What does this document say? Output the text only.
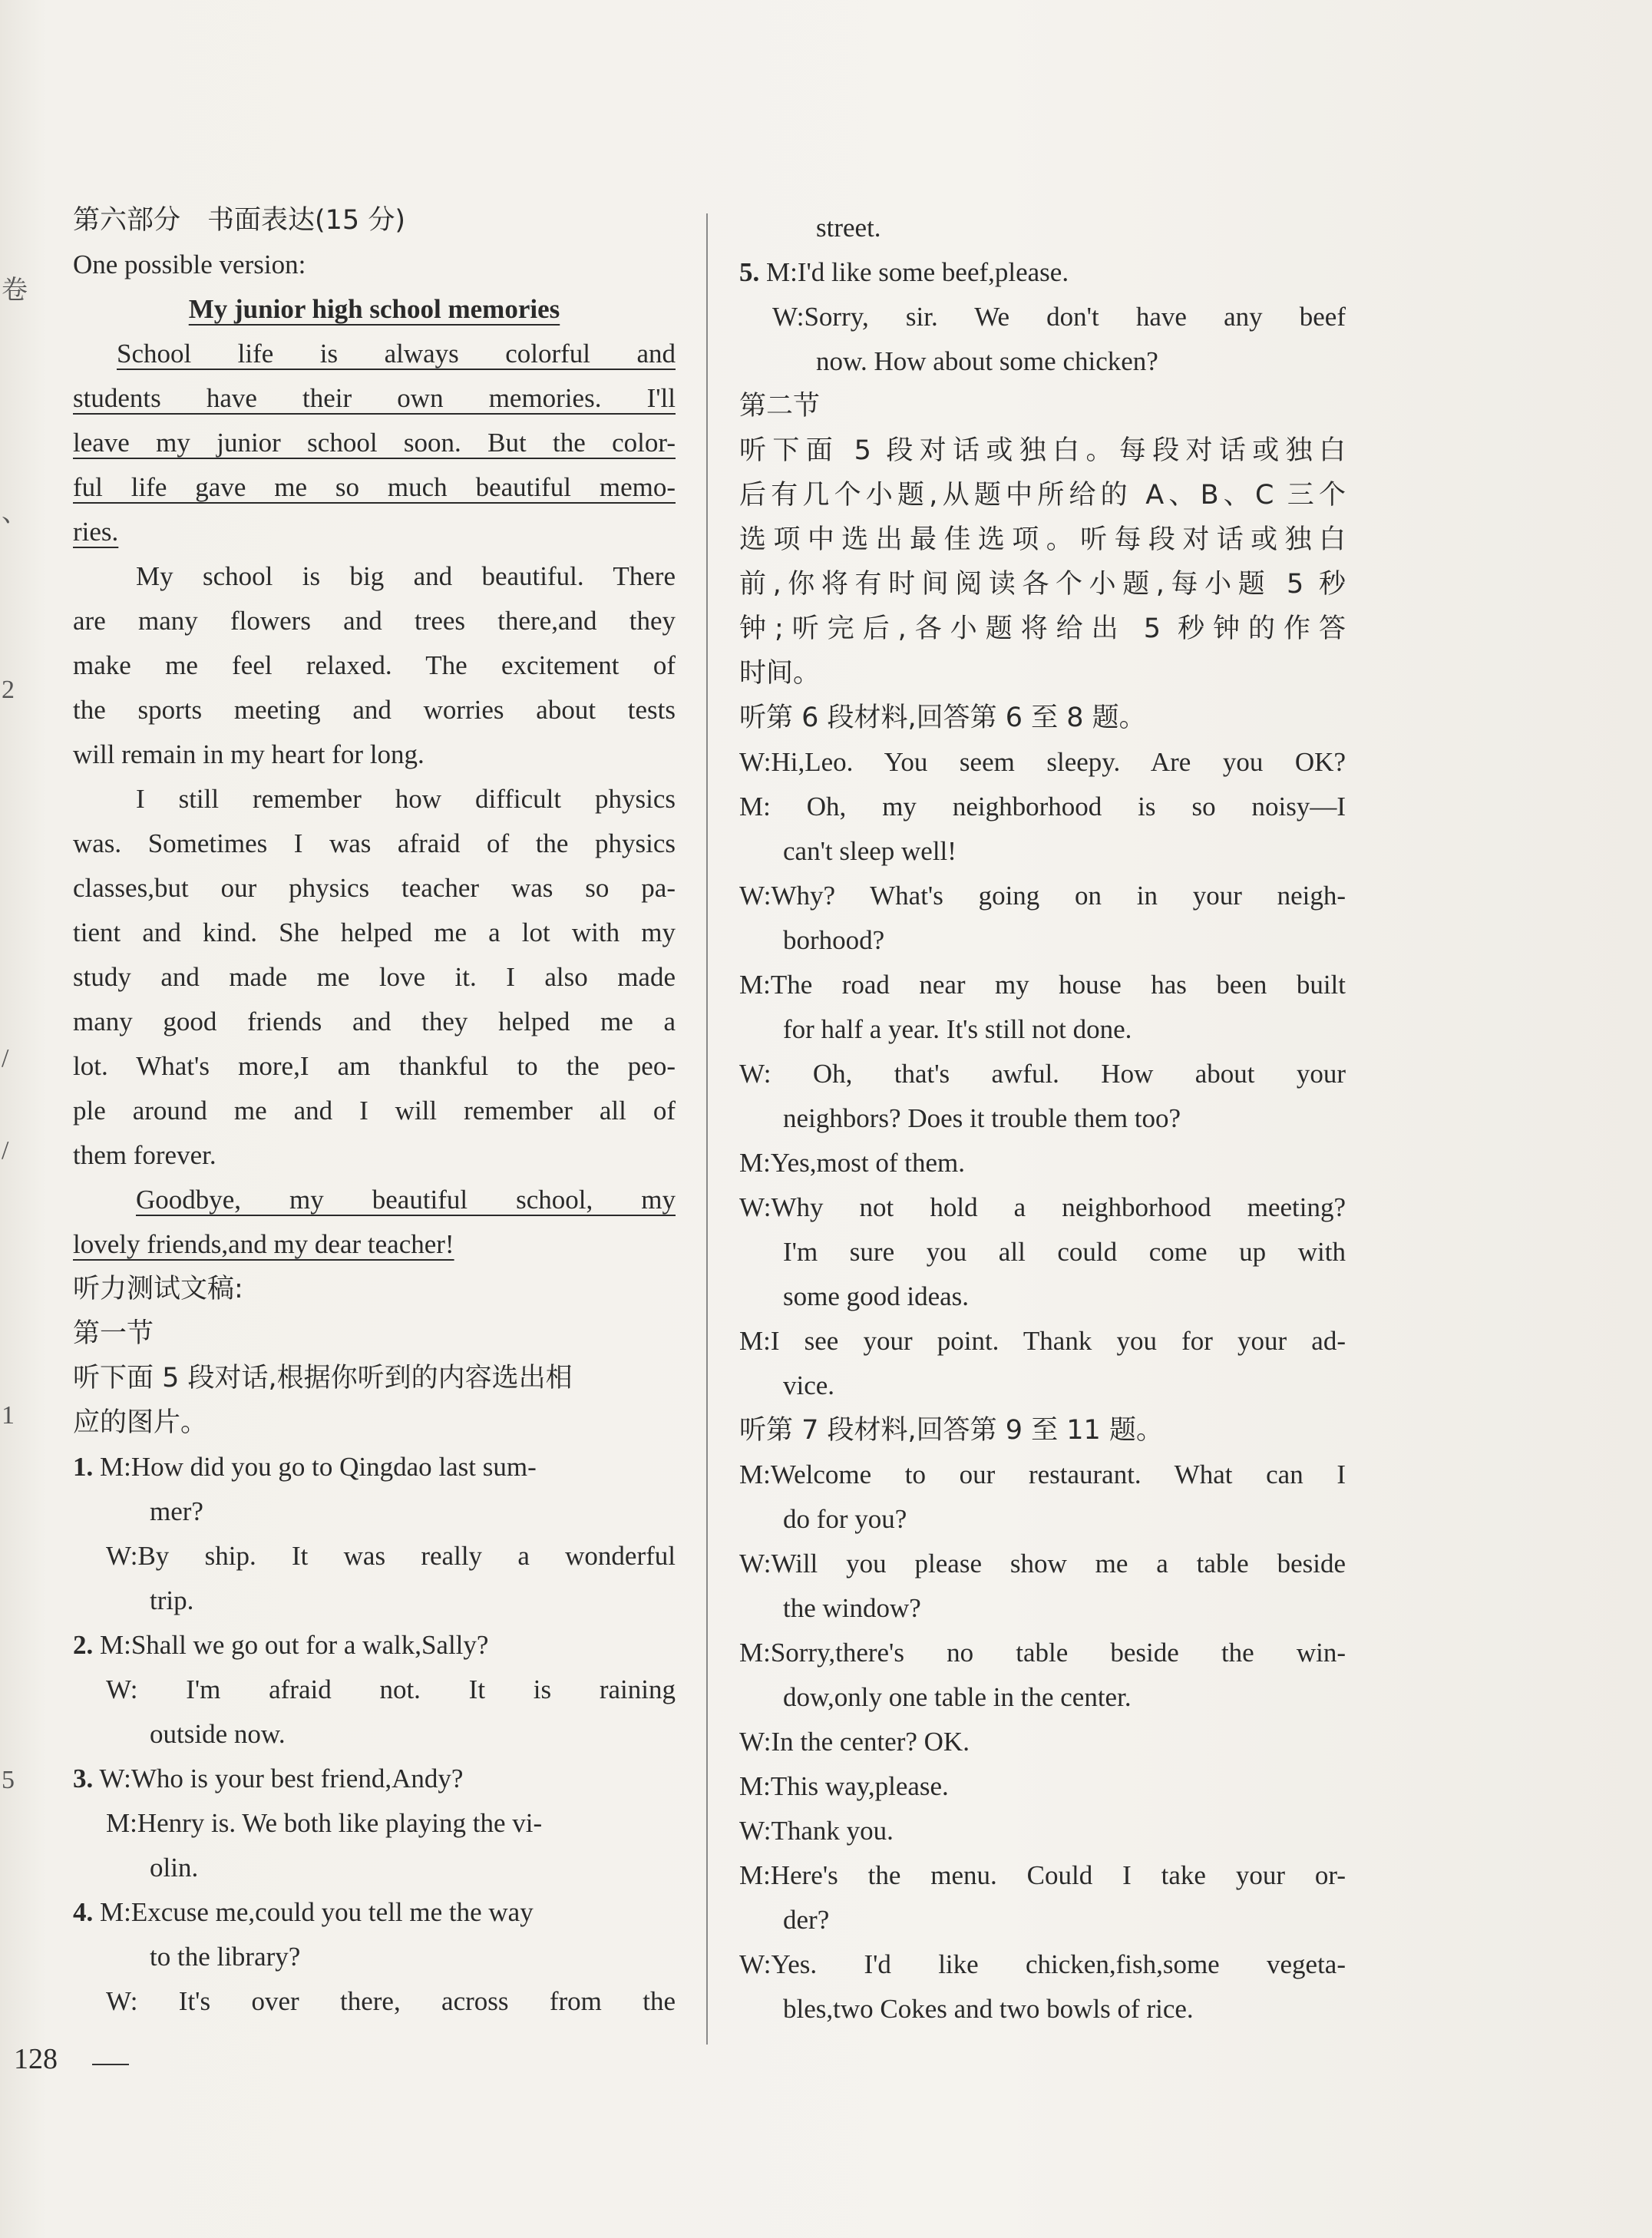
卷
、
2
/
/
1
5
第六部分　书面表达(15 分)
One possible version:
My junior high school memories
School life is always colorful and
students have their own memories. I'll
leave my junior school soon. But the color-
ful life gave me so much beautiful memo-
ries.
My school is big and beautiful. There
are many flowers and trees there,and they
make me feel relaxed. The excitement of
the sports meeting and worries about tests
will remain in my heart for long.
I still remember how difficult physics
was. Sometimes I was afraid of the physics
classes,but our physics teacher was so pa-
tient and kind. She helped me a lot with my
study and made me love it. I also made
many good friends and they helped me a
lot. What's more,I am thankful to the peo-
ple around me and I will remember all of
them forever.
Goodbye, my beautiful school, my
lovely friends,and my dear teacher!
听力测试文稿:
第一节
听下面 5 段对话,根据你听到的内容选出相
应的图片。
1. M:How did you go to Qingdao last sum-
mer?
W:By ship. It was really a wonderful
trip.
2. M:Shall we go out for a walk,Sally?
W: I'm afraid not. It is raining
outside now.
3. W:Who is your best friend,Andy?
M:Henry is. We both like playing the vi-
olin.
4. M:Excuse me,could you tell me the way
to the library?
W: It's over there, across from the
street.
5. M:I'd like some beef,please.
W:Sorry, sir. We don't have any beef
now. How about some chicken?
第二节
听下面 5 段对话或独白。每段对话或独白
后有几个小题,从题中所给的 A、B、C 三个
选项中选出最佳选项。听每段对话或独白
前,你将有时间阅读各个小题,每小题 5 秒
钟;听完后,各小题将给出 5 秒钟的作答
时间。
听第 6 段材料,回答第 6 至 8 题。
W:Hi,Leo. You seem sleepy. Are you OK?
M: Oh, my neighborhood is so noisy—I
can't sleep well!
W:Why? What's going on in your neigh-
borhood?
M:The road near my house has been built
for half a year. It's still not done.
W: Oh, that's awful. How about your
neighbors? Does it trouble them too?
M:Yes,most of them.
W:Why not hold a neighborhood meeting?
I'm sure you all could come up with
some good ideas.
M:I see your point. Thank you for your ad-
vice.
听第 7 段材料,回答第 9 至 11 题。
M:Welcome to our restaurant. What can I
do for you?
W:Will you please show me a table beside
the window?
M:Sorry,there's no table beside the win-
dow,only one table in the center.
W:In the center? OK.
M:This way,please.
W:Thank you.
M:Here's the menu. Could I take your or-
der?
W:Yes. I'd like chicken,fish,some vegeta-
bles,two Cokes and two bowls of rice.
128
